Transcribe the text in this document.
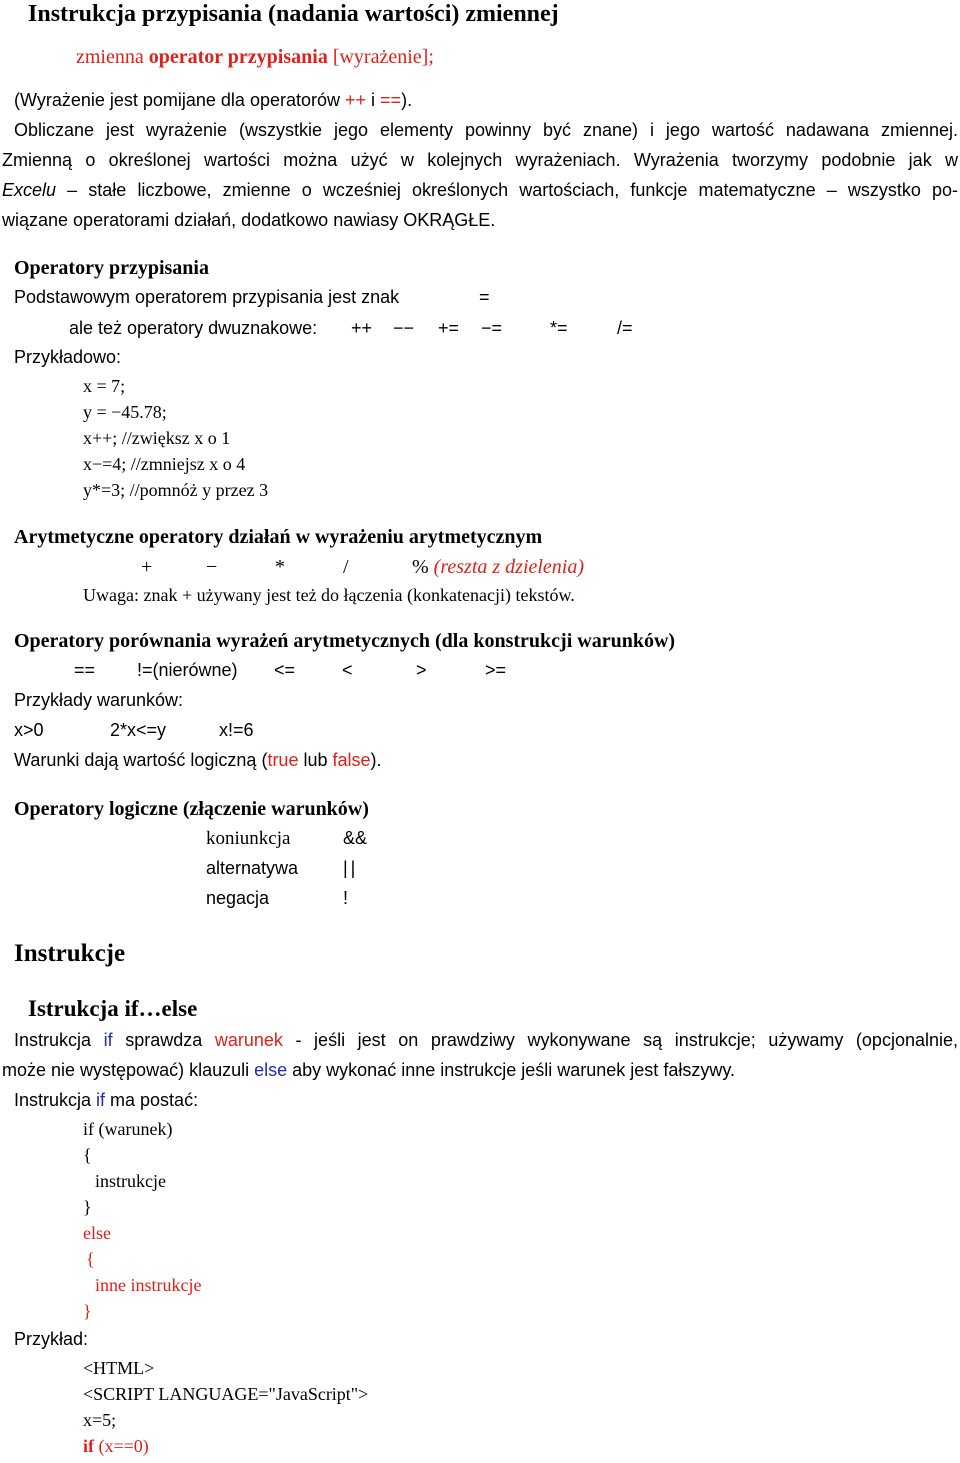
Instrukcja przypisania (nadania wartości) zmiennej
zmienna operator przypisania [wyrażenie];
(Wyrażenie jest pomijane dla operatorów ++ i ==).
Obliczane jest wyrażenie (wszystkie jego elementy powinny być znane) i jego wartość nadawana zmiennej.
Zmienną o określonej wartości można użyć w kolejnych wyrażeniach. Wyrażenia tworzymy podobnie jak w
Excelu – stałe liczbowe, zmienne o wcześniej określonych wartościach, funkcje matematyczne – wszystko po-
wiązane operatorami działań, dodatkowo nawiasy OKRĄGŁE.
Operatory przypisania
Podstawowym operatorem przypisania jest znak	=
ale też operatory dwuznakowe: ++ −− += −=	*=	/=
Przykładowo:
x = 7;
y = −45.78;
x++; //zwiększ x o 1
x−=4; //zmniejsz x o 4
y*=3; //pomnóż y przez 3
Arytmetyczne operatory działań w wyrażeniu arytmetycznym
+	−	*	/	% (reszta z dzielenia)
Uwaga: znak + używany jest też do łączenia (konkatenacji) tekstów.
Operatory porównania wyrażeń arytmetycznych (dla konstrukcji warunków)
== !=(nierówne) <=	<	>	>=
Przykłady warunków:
x>0	2*x<=y	x!=6
Warunki dają wartość logiczną (true lub false).
Operatory logiczne (złączenie warunków)
koniunkcja	&&
alternatywa ||
negacja	!
Instrukcje
Istrukcja if…else
Instrukcja if sprawdza warunek - jeśli jest on prawdziwy wykonywane są instrukcje; używamy (opcjonalnie,
może nie występować) klauzuli else aby wykonać inne instrukcje jeśli warunek jest fałszywy.
Instrukcja if ma postać:
if (warunek)
{
instrukcje
}
else
{
inne instrukcje
}
Przykład:
<HTML>
<SCRIPT LANGUAGE="JavaScript">
x=5;
if (x==0)
